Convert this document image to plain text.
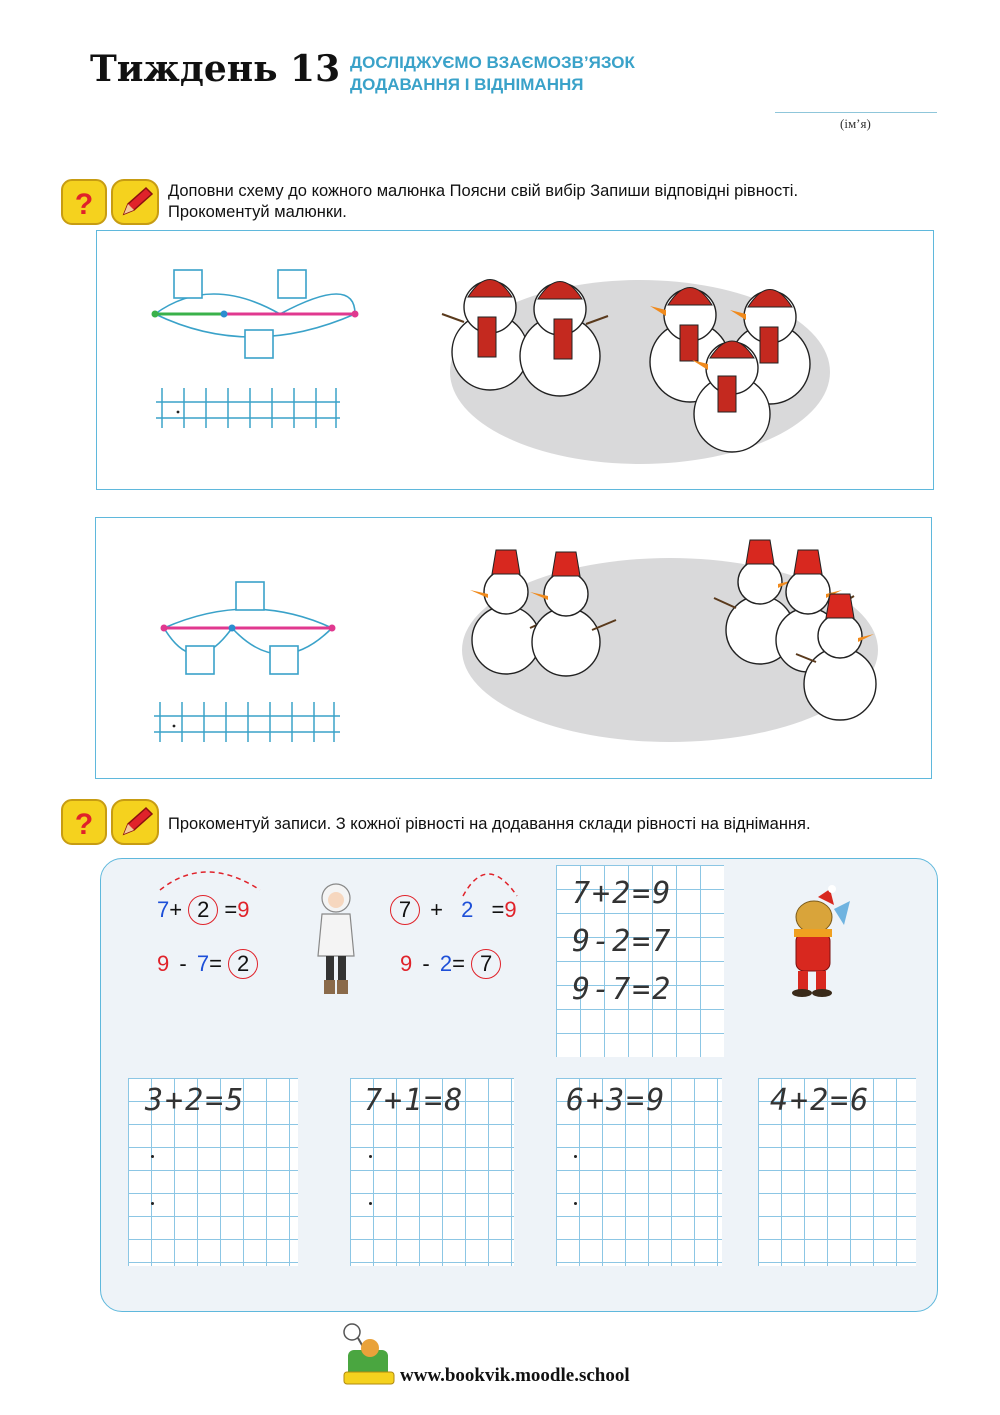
Тиждень 13 ДОСЛІДЖУЄМО ВЗАЄМОЗВ’ЯЗОК
ДОДАВАННЯ І ВІДНІМАННЯ
(ім’я)
?	Доповни схему до кожного малюнка Поясни свій вибір Запиши відповідні рівності.
Прокоментуй малюнки.
?	Прокоментуй записи. З кожної рівності на додавання склади рівності на віднімання.
7+ 2 =9
9 - 7= 2
7 + 2 =9
9 - 2= 7
7+2=9
9-2=7
9-7=2
3+2=5	7+1=8	6+3=9	4+2=6
www.bookvik.moodle.school
